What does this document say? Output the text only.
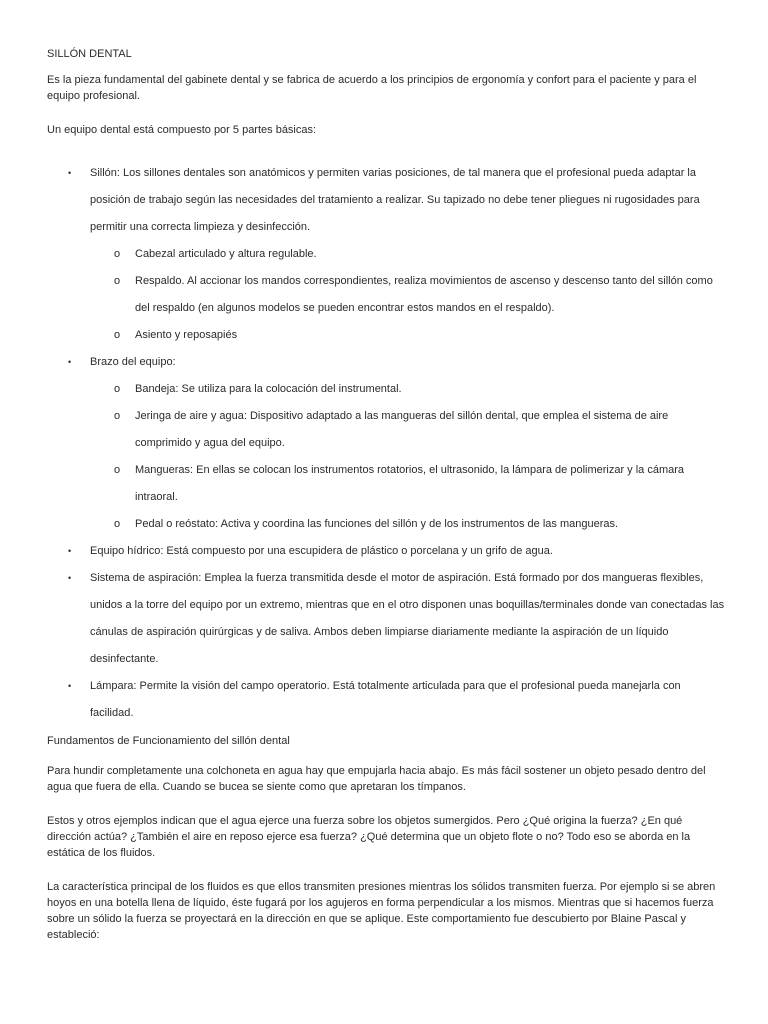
SILLÓN DENTAL
Es la pieza fundamental del gabinete dental y se fabrica de acuerdo a los principios de ergonomía y confort para el paciente y para el equipo profesional.
Un equipo dental está compuesto por 5 partes básicas:
• Sillón: Los sillones dentales son anatómicos y permiten varias posiciones, de tal manera que el profesional pueda adaptar la posición de trabajo según las necesidades del tratamiento a realizar. Su tapizado no debe tener pliegues ni rugosidades para permitir una correcta limpieza y desinfección.
o Cabezal articulado y altura regulable.
o Respaldo. Al accionar los mandos correspondientes, realiza movimientos de ascenso y descenso tanto del sillón como del respaldo (en algunos modelos se pueden encontrar estos mandos en el respaldo).
o Asiento y reposapiés
• Brazo del equipo:
o Bandeja: Se utiliza para la colocación del instrumental.
o Jeringa de aire y agua: Dispositivo adaptado a las mangueras del sillón dental, que emplea el sistema de aire comprimido y agua del equipo.
o Mangueras: En ellas se colocan los instrumentos rotatorios, el ultrasonido, la lámpara de polimerizar y la cámara intraoral.
o Pedal o reóstato: Activa y coordina las funciones del sillón y de los instrumentos de las mangueras.
• Equipo hídrico: Está compuesto por una escupidera de plástico o porcelana y un grifo de agua.
• Sistema de aspiración: Emplea la fuerza transmitida desde el motor de aspiración. Está formado por dos mangueras flexibles, unidos a la torre del equipo por un extremo, mientras que en el otro disponen unas boquillas/terminales donde van conectadas las cánulas de aspiración quirúrgicas y de saliva. Ambos deben limpiarse diariamente mediante la aspiración de un líquido desinfectante.
• Lámpara: Permite la visión del campo operatorio. Está totalmente articulada para que el profesional pueda manejarla con facilidad.
Fundamentos de Funcionamiento del sillón dental
Para hundir completamente una colchoneta en agua hay que empujarla hacia abajo. Es más fácil sostener un objeto pesado dentro del agua que fuera de ella. Cuando se bucea se siente como que apretaran los tímpanos.
Estos y otros ejemplos indican que el agua ejerce una fuerza sobre los objetos sumergidos. Pero ¿Qué origina la fuerza? ¿En qué dirección actúa? ¿También el aire en reposo ejerce esa fuerza? ¿Qué determina que un objeto flote o no? Todo eso se aborda en la estática de los fluidos.
La característica principal de los fluidos es que ellos transmiten presiones mientras los sólidos transmiten fuerza. Por ejemplo si se abren hoyos en una botella llena de líquido, éste fugará por los agujeros en forma perpendicular a los mismos. Mientras que si hacemos fuerza sobre un sólido la fuerza se proyectará en la dirección en que se aplique. Este comportamiento fue descubierto por Blaine Pascal y estableció:
